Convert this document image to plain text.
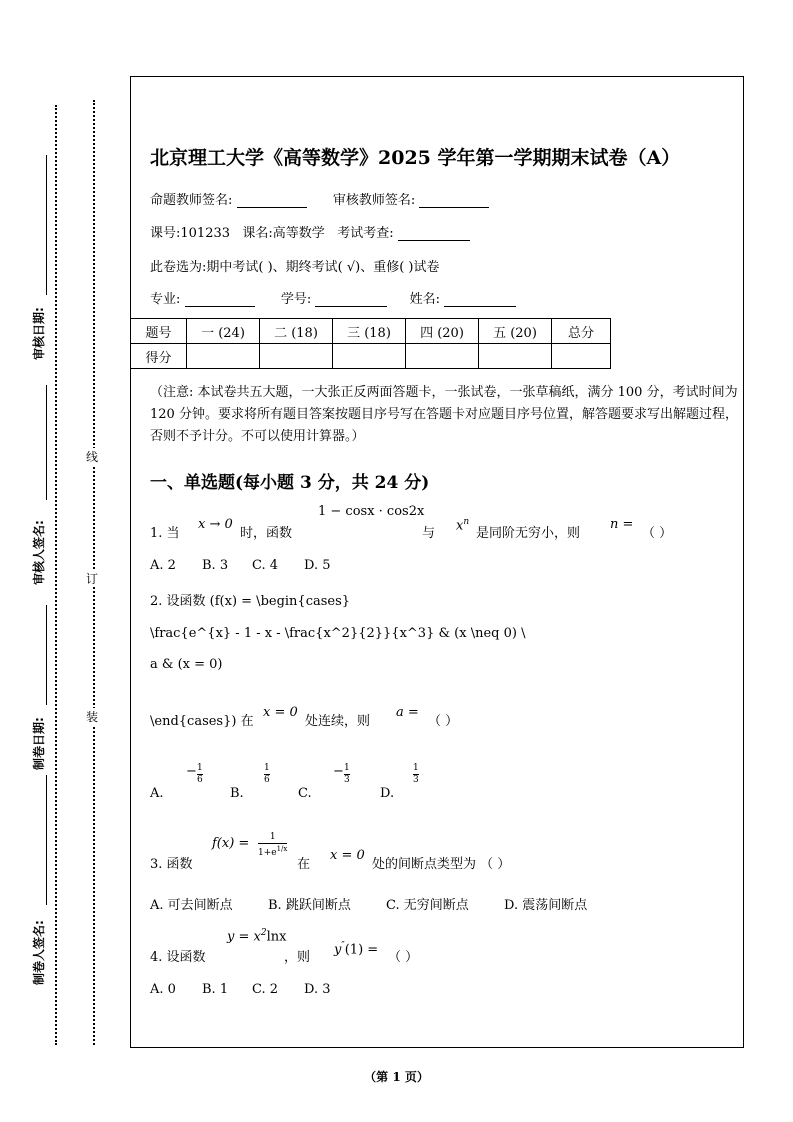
审核日期:
审核人签名:
制卷日期:
制卷人签名:
线
订
装
北京理工大学《高等数学》2025 学年第一学期期末试卷（A）
命题教师签名:	审核教师签名:
课号:101233 课名:高等数学 考试考查:
此卷选为:期中考试( )、期终考试( √)、重修( )试卷
专业:	学号:	姓名:
题号	一 (24)	二 (18)	三 (18)	四 (20)	五 (20)	总分
得分						
（注意: 本试卷共五大题，一大张正反两面答题卡，一张试卷，一张草稿纸，满分 100 分，考试时间为 120 分钟。要求将所有题目答案按题目序号写在答题卡对应题目序号位置，解答题要求写出解题过程，否则不予计分。不可以使用计算器。）
一、单选题(每小题 3 分，共 24 分)
1 − cosx · cos2x
1. 当
x → 0
时，函数	与
$x^n$
是同阶无穷小，则
n =
（ ）
A. 2 B. 3 C. 4 D. 5
2. 设函数 (f(x) = \begin{cases}
\frac{e^{x} - 1 - x - \frac{x^2}{2}}{x^3} & (x \neq 0) \
a & (x = 0)
\end{cases}) 在
x = 0
处连续，则
a =
（ ）
A.
− 1
6
B.
1
6
C.
− 1
3
D.
1
3
3. 函数
f(x) =	1
$1+e^{1/x}$
在
x = 0
处的间断点类型为 （ ）
A. 可去间断点	B. 跳跃间断点	C. 无穷间断点	D. 震荡间断点
$y = x^2\ln x$
4. 设函数	，则
y″(1) =
（ ）
A. 0 B. 1 C. 2 D. 3
（第 1 页）
